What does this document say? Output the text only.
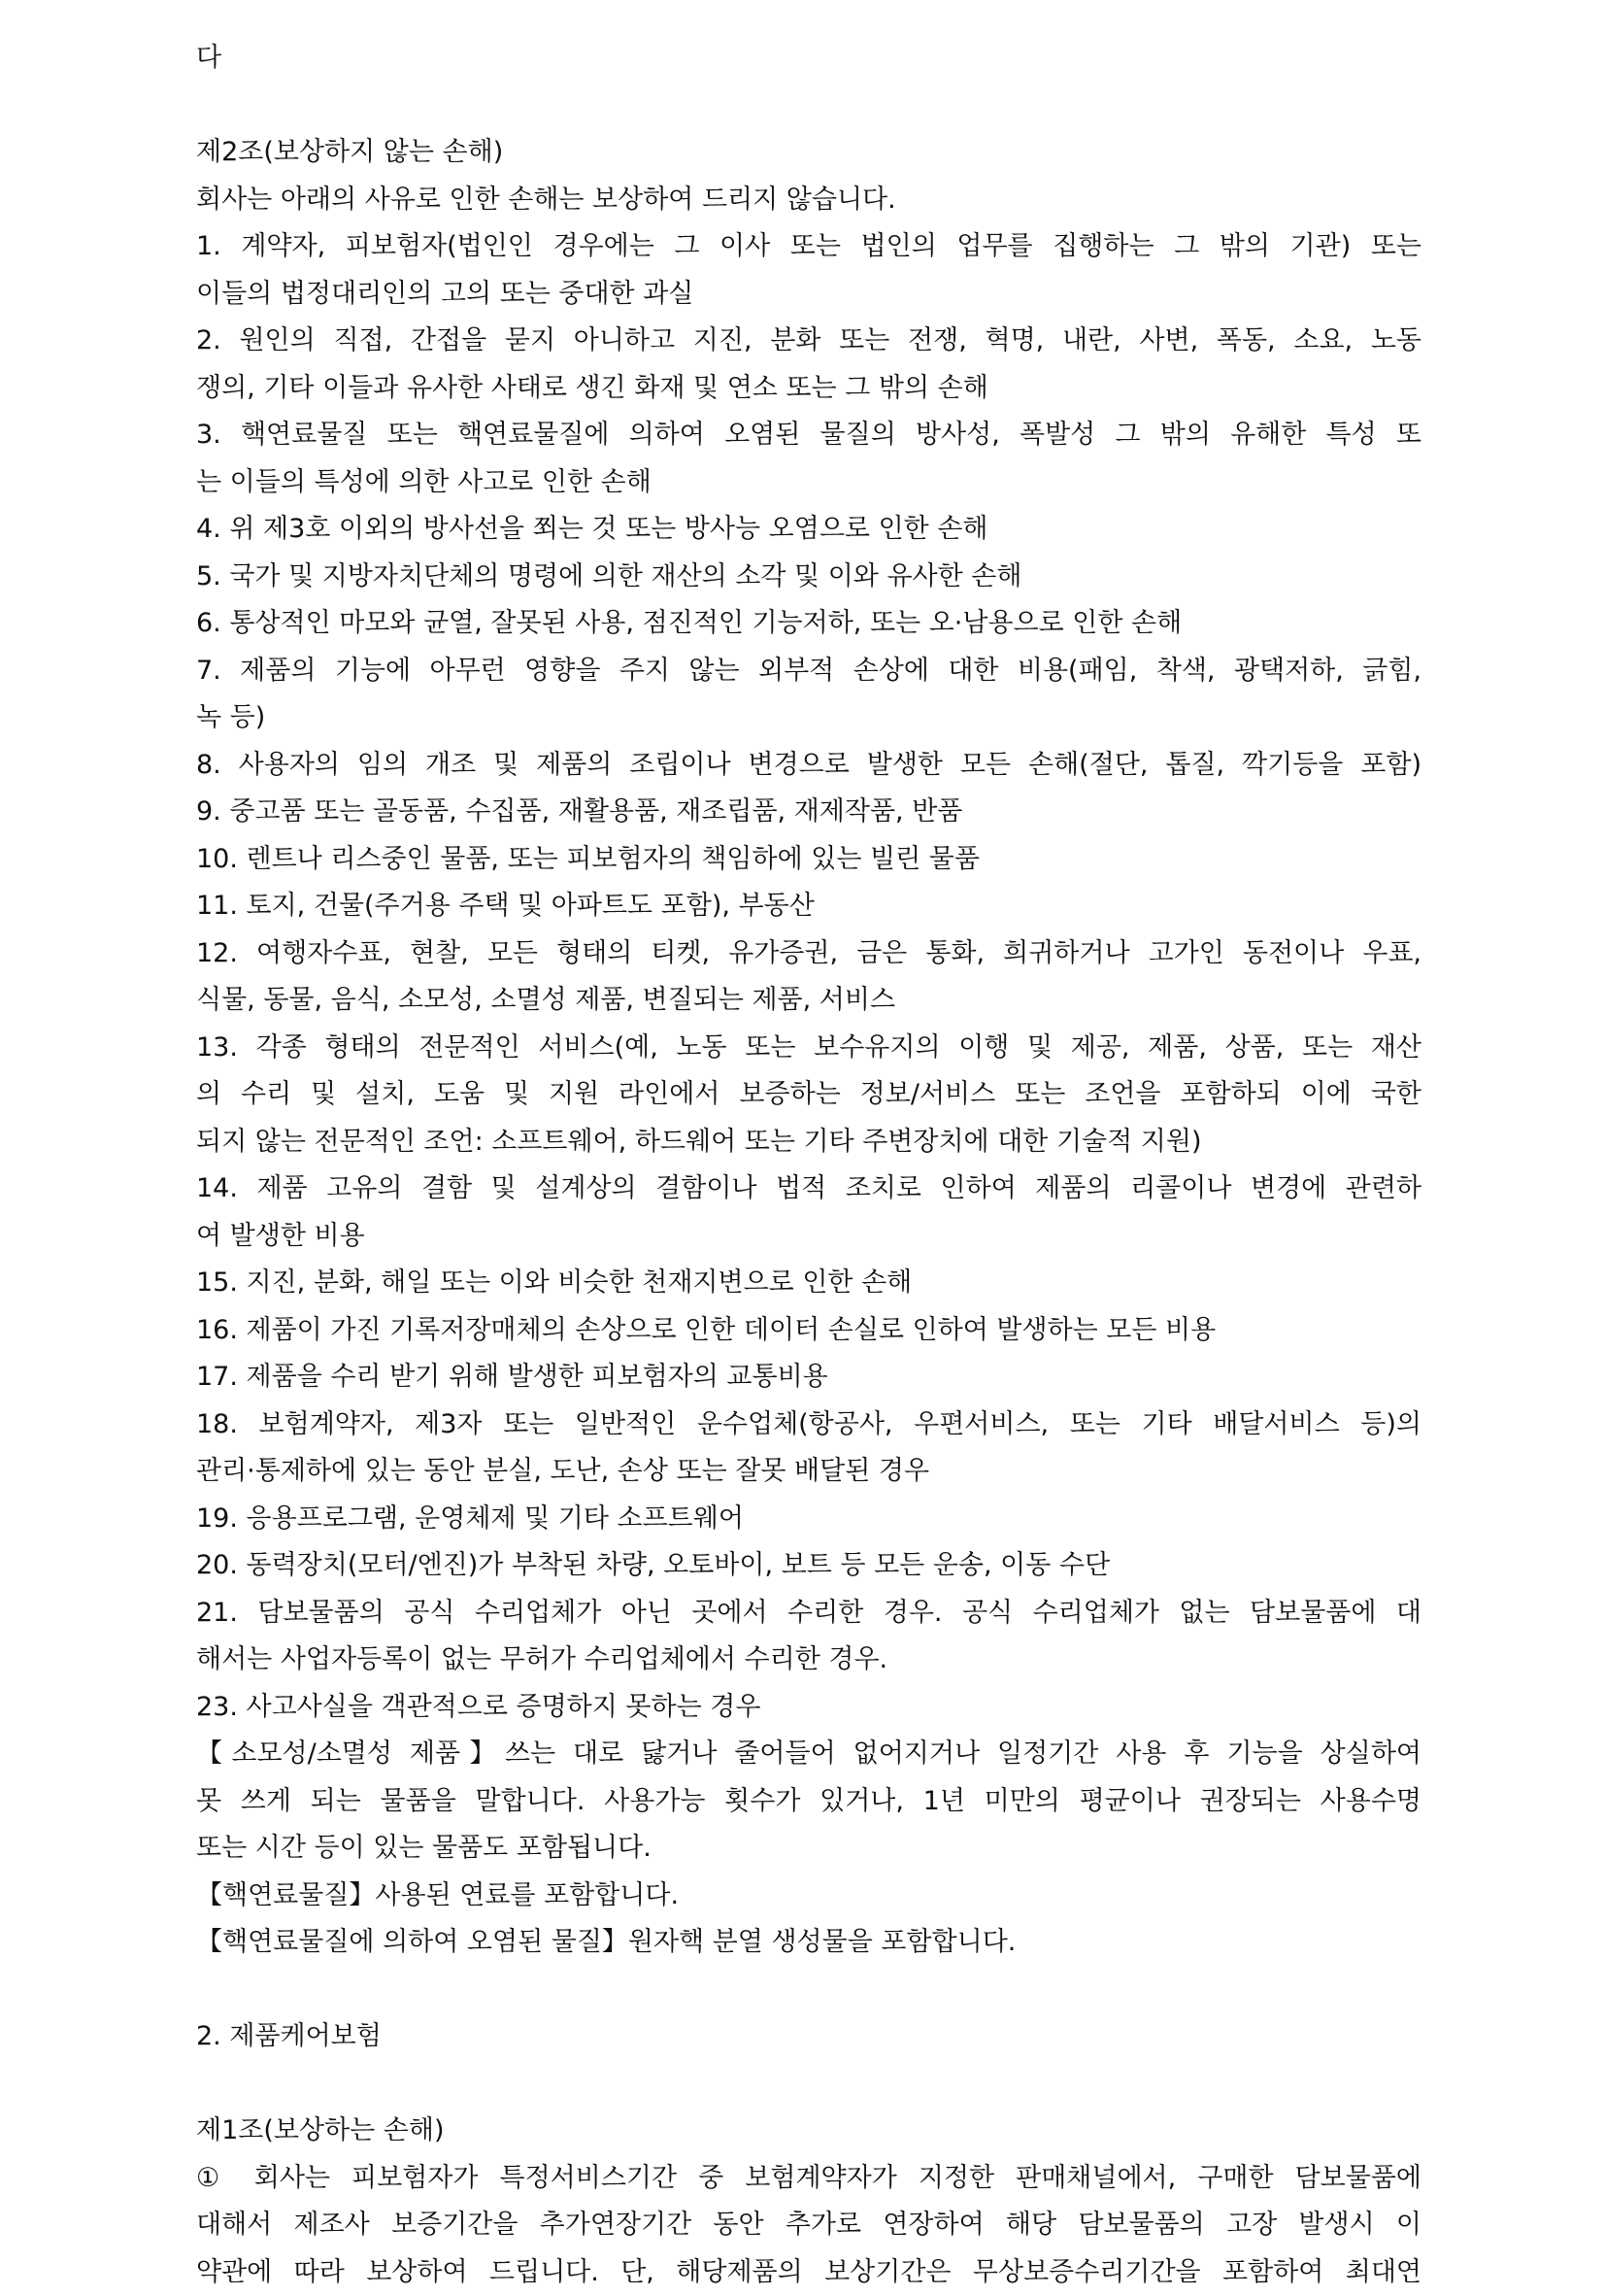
다
제2조(보상하지 않는 손해)
회사는 아래의 사유로 인한 손해는 보상하여 드리지 않습니다.
1. 계약자, 피보험자(법인인 경우에는 그 이사 또는 법인의 업무를 집행하는 그 밖의 기관) 또는
이들의 법정대리인의 고의 또는 중대한 과실
2. 원인의 직접, 간접을 묻지 아니하고 지진, 분화 또는 전쟁, 혁명, 내란, 사변, 폭동, 소요, 노동
쟁의, 기타 이들과 유사한 사태로 생긴 화재 및 연소 또는 그 밖의 손해
3. 핵연료물질 또는 핵연료물질에 의하여 오염된 물질의 방사성, 폭발성 그 밖의 유해한 특성 또
는 이들의 특성에 의한 사고로 인한 손해
4. 위 제3호 이외의 방사선을 쬐는 것 또는 방사능 오염으로 인한 손해
5. 국가 및 지방자치단체의 명령에 의한 재산의 소각 및 이와 유사한 손해
6. 통상적인 마모와 균열, 잘못된 사용, 점진적인 기능저하, 또는 오·남용으로 인한 손해
7. 제품의 기능에 아무런 영향을 주지 않는 외부적 손상에 대한 비용(패임, 착색, 광택저하, 긁힘,
녹 등)
8. 사용자의 임의 개조 및 제품의 조립이나 변경으로 발생한 모든 손해(절단, 톱질, 깍기등을 포함)
9. 중고품 또는 골동품, 수집품, 재활용품, 재조립품, 재제작품, 반품
10. 렌트나 리스중인 물품, 또는 피보험자의 책임하에 있는 빌린 물품
11. 토지, 건물(주거용 주택 및 아파트도 포함), 부동산
12. 여행자수표, 현찰, 모든 형태의 티켓, 유가증권, 금은 통화, 희귀하거나 고가인 동전이나 우표,
식물, 동물, 음식, 소모성, 소멸성 제품, 변질되는 제품, 서비스
13. 각종 형태의 전문적인 서비스(예, 노동 또는 보수유지의 이행 및 제공, 제품, 상품, 또는 재산
의 수리 및 설치, 도움 및 지원 라인에서 보증하는 정보/서비스 또는 조언을 포함하되 이에 국한
되지 않는 전문적인 조언: 소프트웨어, 하드웨어 또는 기타 주변장치에 대한 기술적 지원)
14. 제품 고유의 결함 및 설계상의 결함이나 법적 조치로 인하여 제품의 리콜이나 변경에 관련하
여 발생한 비용
15. 지진, 분화, 해일 또는 이와 비슷한 천재지변으로 인한 손해
16. 제품이 가진 기록저장매체의 손상으로 인한 데이터 손실로 인하여 발생하는 모든 비용
17. 제품을 수리 받기 위해 발생한 피보험자의 교통비용
18. 보험계약자, 제3자 또는 일반적인 운수업체(항공사, 우편서비스, 또는 기타 배달서비스 등)의
관리·통제하에 있는 동안 분실, 도난, 손상 또는 잘못 배달된 경우
19. 응용프로그램, 운영체제 및 기타 소프트웨어
20. 동력장치(모터/엔진)가 부착된 차량, 오토바이, 보트 등 모든 운송, 이동 수단
21. 담보물품의 공식 수리업체가 아닌 곳에서 수리한 경우. 공식 수리업체가 없는 담보물품에 대
해서는 사업자등록이 없는 무허가 수리업체에서 수리한 경우.
23. 사고사실을 객관적으로 증명하지 못하는 경우
【소모성/소멸성 제품】쓰는 대로 닳거나 줄어들어 없어지거나 일정기간 사용 후 기능을 상실하여
못 쓰게 되는 물품을 말합니다. 사용가능 횟수가 있거나, 1년 미만의 평균이나 권장되는 사용수명
또는 시간 등이 있는 물품도 포함됩니다.
【핵연료물질】사용된 연료를 포함합니다.
【핵연료물질에 의하여 오염된 물질】원자핵 분열 생성물을 포함합니다.
2. 제품케어보험
제1조(보상하는 손해)
① 회사는 피보험자가 특정서비스기간 중 보험계약자가 지정한 판매채널에서, 구매한 담보물품에
대해서 제조사 보증기간을 추가연장기간 동안 추가로 연장하여 해당 담보물품의 고장 발생시 이
약관에 따라 보상하여 드립니다. 단, 해당제품의 보상기간은 무상보증수리기간을 포함하여 최대연
